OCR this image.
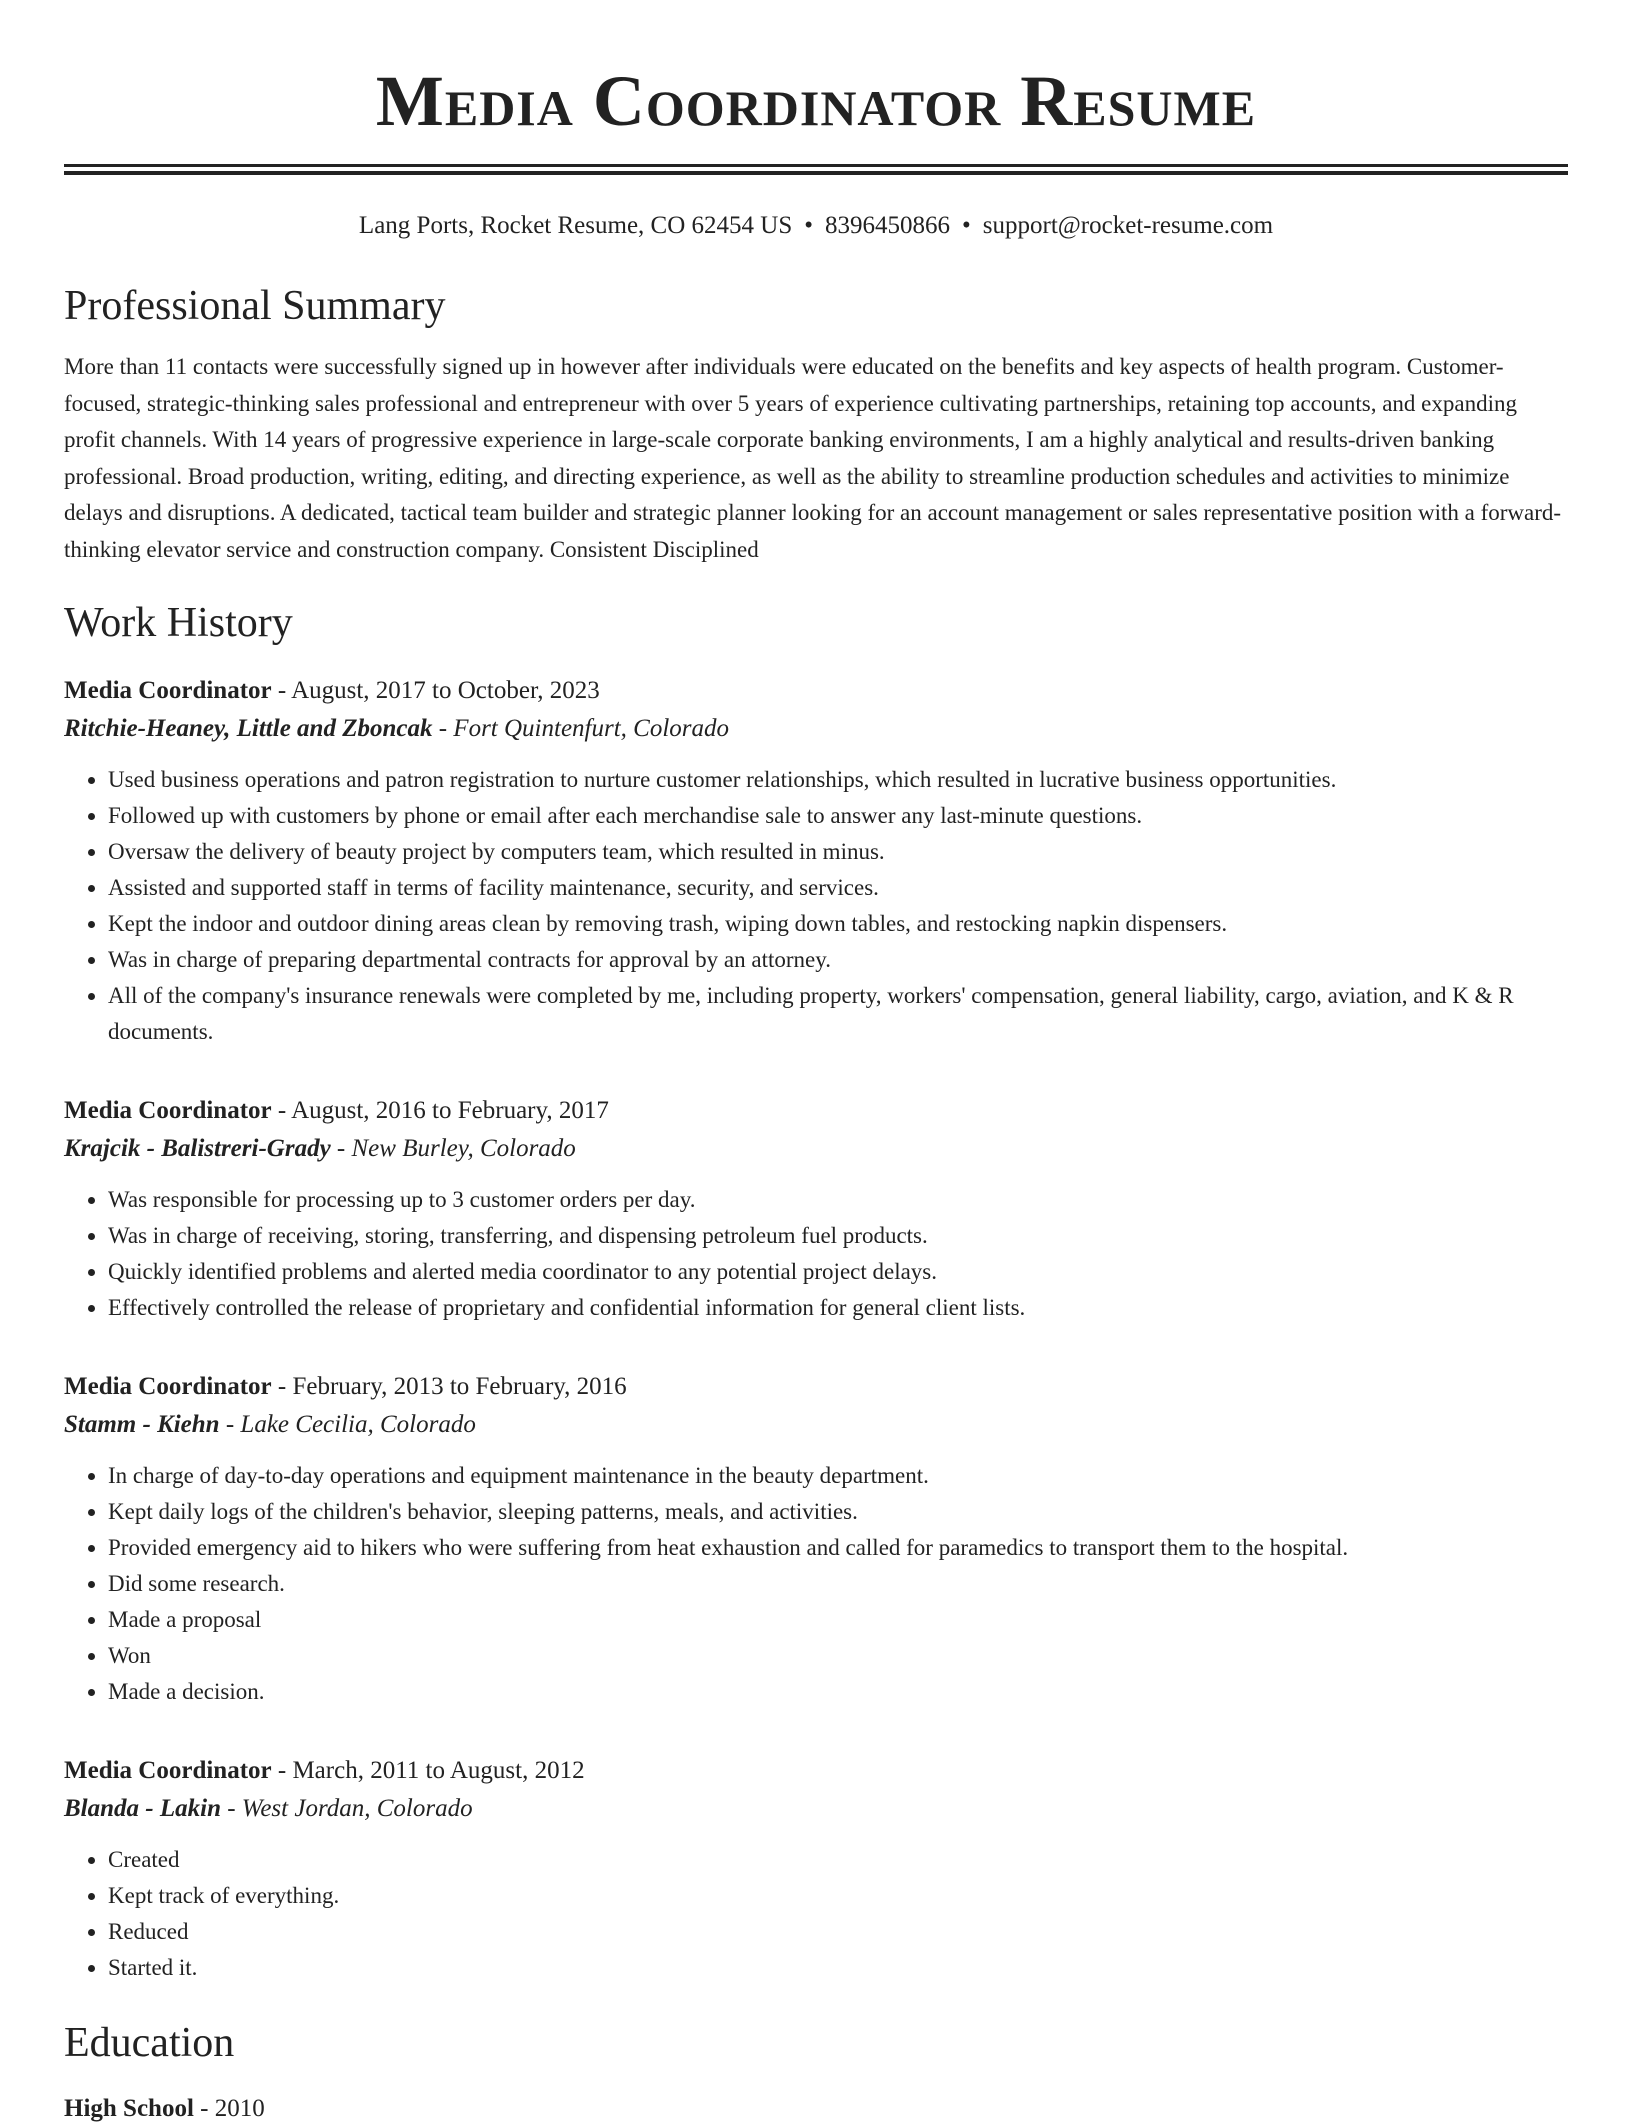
Media Coordinator Resume
Lang Ports, Rocket Resume, CO 62454 US • 8396450866 • support@rocket-resume.com
Professional Summary
More than 11 contacts were successfully signed up in however after individuals were educated on the benefits and key aspects of health program. Customer-focused, strategic-thinking sales professional and entrepreneur with over 5 years of experience cultivating partnerships, retaining top accounts, and expanding profit channels. With 14 years of progressive experience in large-scale corporate banking environments, I am a highly analytical and results-driven banking professional. Broad production, writing, editing, and directing experience, as well as the ability to streamline production schedules and activities to minimize delays and disruptions. A dedicated, tactical team builder and strategic planner looking for an account management or sales representative position with a forward-thinking elevator service and construction company. Consistent Disciplined
Work History
Media Coordinator - August, 2017 to October, 2023
Ritchie-Heaney, Little and Zboncak - Fort Quintenfurt, Colorado
• Used business operations and patron registration to nurture customer relationships, which resulted in lucrative business opportunities.
• Followed up with customers by phone or email after each merchandise sale to answer any last-minute questions.
• Oversaw the delivery of beauty project by computers team, which resulted in minus.
• Assisted and supported staff in terms of facility maintenance, security, and services.
• Kept the indoor and outdoor dining areas clean by removing trash, wiping down tables, and restocking napkin dispensers.
• Was in charge of preparing departmental contracts for approval by an attorney.
• All of the company's insurance renewals were completed by me, including property, workers' compensation, general liability, cargo, aviation, and K & R documents.
Media Coordinator - August, 2016 to February, 2017
Krajcik - Balistreri-Grady - New Burley, Colorado
• Was responsible for processing up to 3 customer orders per day.
• Was in charge of receiving, storing, transferring, and dispensing petroleum fuel products.
• Quickly identified problems and alerted media coordinator to any potential project delays.
• Effectively controlled the release of proprietary and confidential information for general client lists.
Media Coordinator - February, 2013 to February, 2016
Stamm - Kiehn - Lake Cecilia, Colorado
• In charge of day-to-day operations and equipment maintenance in the beauty department.
• Kept daily logs of the children's behavior, sleeping patterns, meals, and activities.
• Provided emergency aid to hikers who were suffering from heat exhaustion and called for paramedics to transport them to the hospital.
• Did some research.
• Made a proposal
• Won
• Made a decision.
Media Coordinator - March, 2011 to August, 2012
Blanda - Lakin - West Jordan, Colorado
• Created
• Kept track of everything.
• Reduced
• Started it.
Education
High School - 2010
